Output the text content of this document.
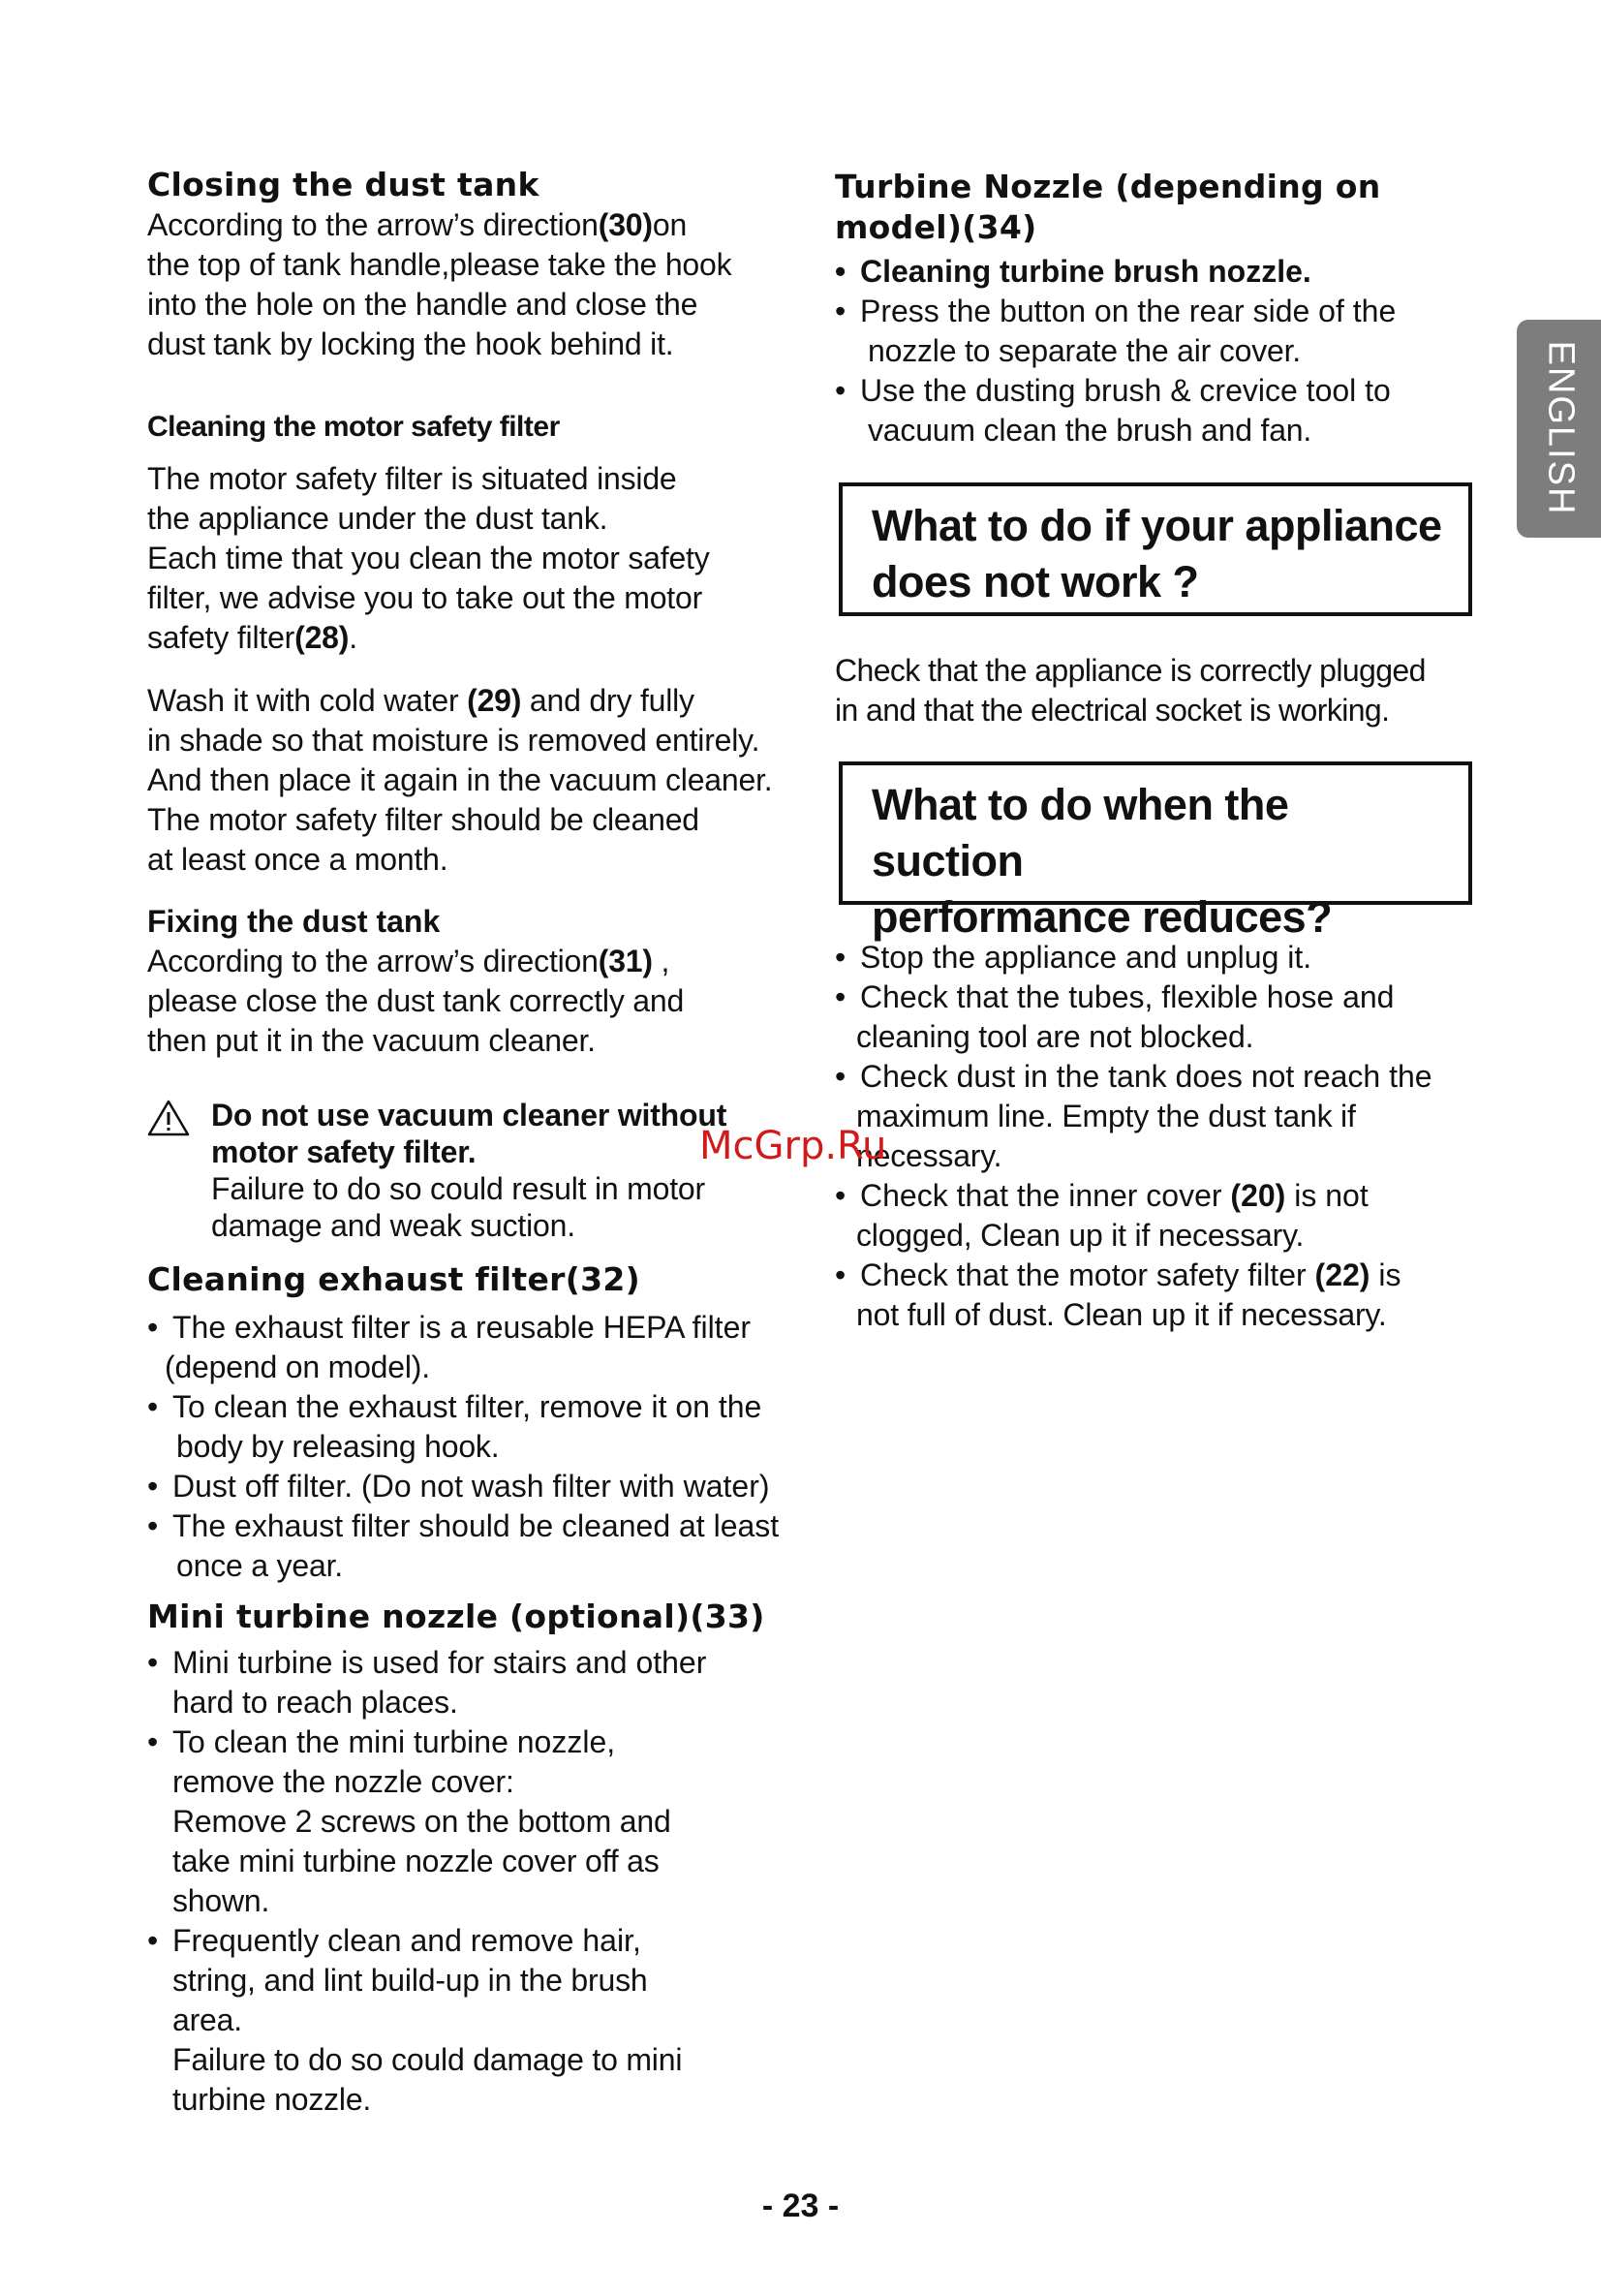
ENGLISH

Closing the dust tank

According to the arrow’s direction(30)on

the top of tank handle,please take the hook

into the hole on the handle and close the

dust tank by locking the hook behind it.

Cleaning the motor safety filter

The motor safety filter is situated inside

the appliance under the dust tank.

Each time that you clean the motor safety

filter, we advise you to take out the motor

safety filter(28).

Wash it with cold water (29) and dry fully

in shade so that moisture is removed entirely.

And then place it again in the vacuum cleaner.

The motor safety filter should be cleaned

at least once a month.

Fixing the dust tank

According to the arrow’s direction(31) ,

please close the dust tank correctly and

then put it in the vacuum cleaner.

Do not use vacuum cleaner without

motor safety filter.

Failure to do so could result in motor

damage and weak suction.

Cleaning exhaust filter(32)

• The exhaust filter is a reusable HEPA filter

(depend on model).

• To clean the exhaust filter, remove it on the

body by releasing hook.

• Dust off filter. (Do not wash filter with water)

• The exhaust filter should be cleaned at least

once a year.

Mini turbine nozzle (optional)(33)

• Mini turbine is used for stairs and other

hard to reach places.

• To clean the mini turbine nozzle,

remove the nozzle cover:

Remove 2 screws on the bottom and

take mini turbine nozzle cover off as

shown.

• Frequently clean and remove hair,

string, and lint build-up in the brush

area.

Failure to do so could damage to mini

turbine nozzle.

Turbine Nozzle (depending on

model)(34)

• Cleaning turbine brush nozzle.

• Press the button on the rear side of the

nozzle to separate the air cover.

• Use the dusting brush & crevice tool to

vacuum clean the brush and fan.

What to do if your appliance

does not work ?

Check that the appliance is correctly plugged

in and that the electrical socket is working.

What to do when the suction

performance reduces?

• Stop the appliance and unplug it.

• Check that the tubes, flexible hose and

cleaning tool are not blocked.

• Check dust in the tank does not reach the

maximum line. Empty the dust tank if

necessary.

• Check that the inner cover (20) is not

clogged, Clean up it if necessary.

• Check that the motor safety filter (22) is

not full of dust. Clean up it if necessary.

McGrp.Ru
- 23 -
